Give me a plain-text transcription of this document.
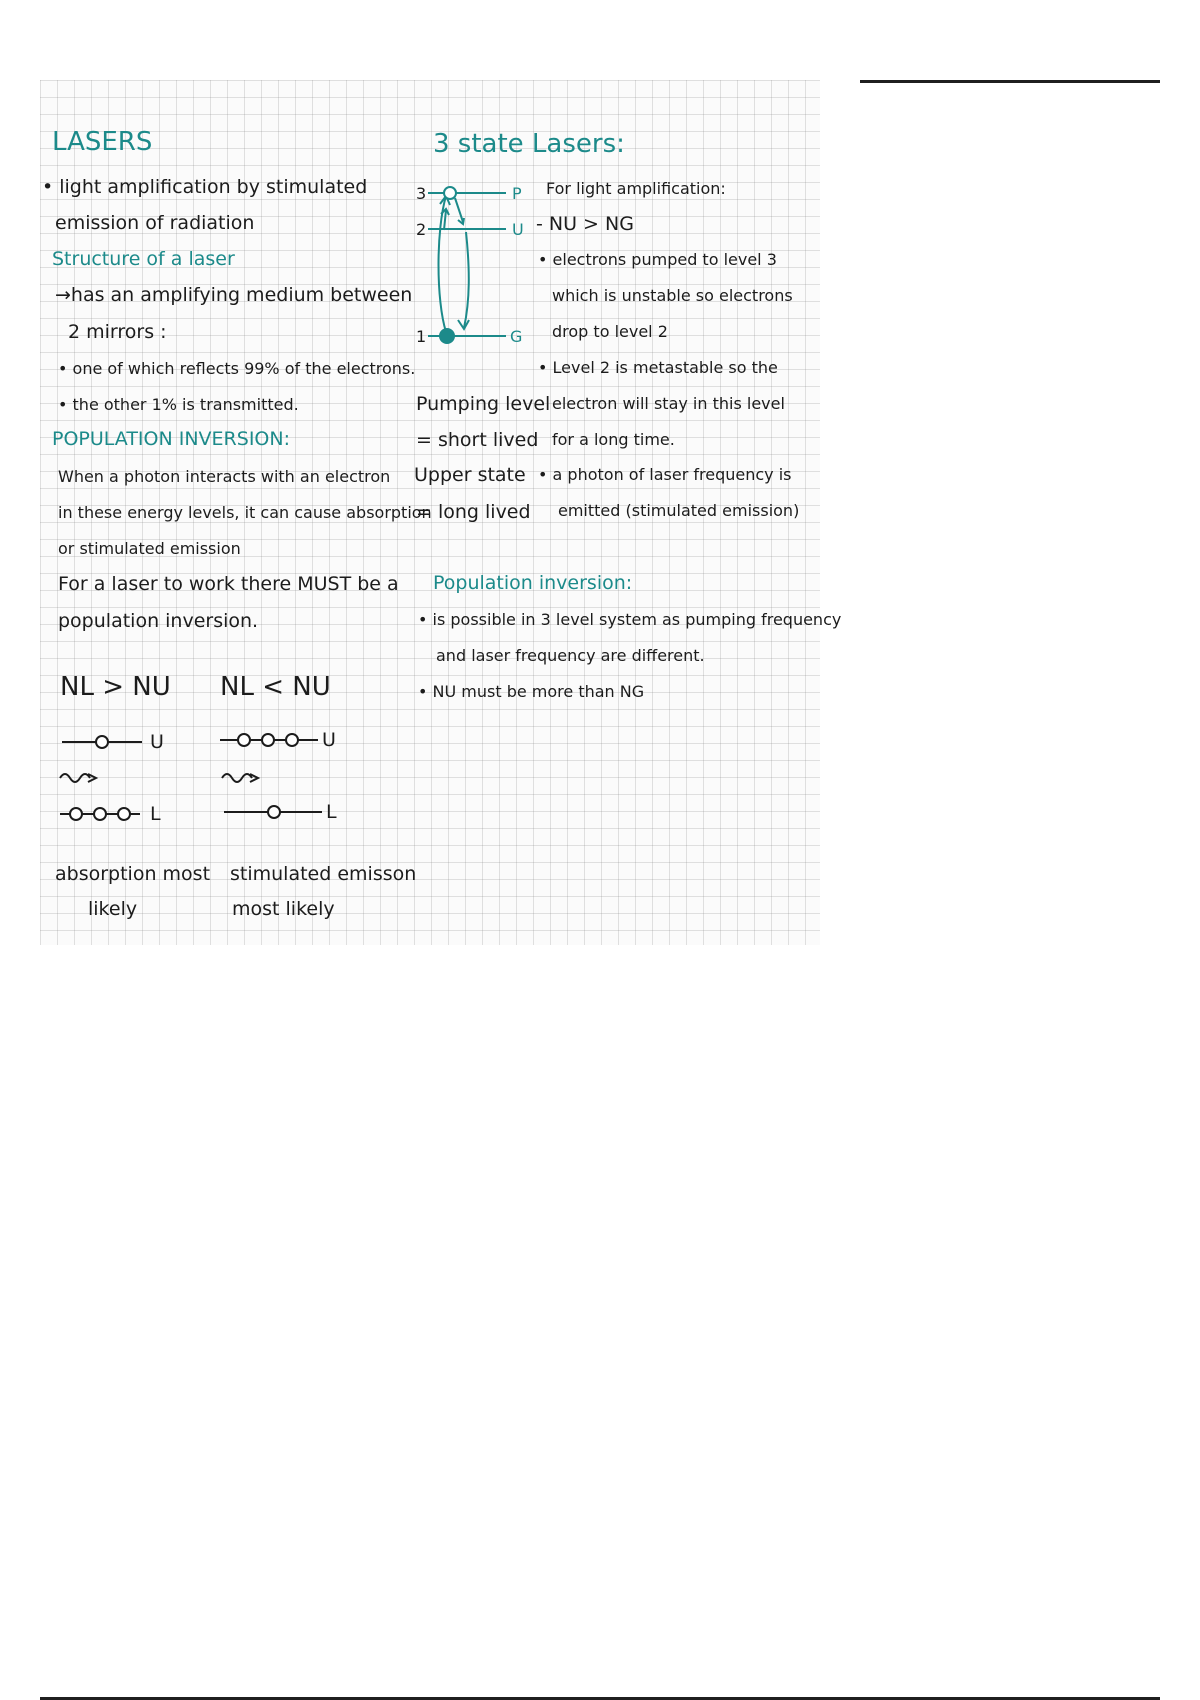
LASERS
• light amplification by stimulated
emission of radiation
Structure of a laser
→has an amplifying medium between
2 mirrors :
• one of which reflects 99% of the electrons.
• the other 1% is transmitted.
POPULATION INVERSION:
When a photon interacts with an electron
in these energy levels, it can cause absorption
or stimulated emission
For a laser to work there MUST be a
population inversion.
NL > NU NL < NU
U
L
U
L
absorption most
likely
stimulated emisson
most likely
3 state Lasers:
3
2
1
P
U
G
Pumping level
= short lived
Upper state
= long lived
For light amplification:
- NU > NG
• electrons pumped to level 3
which is unstable so electrons
drop to level 2
• Level 2 is metastable so the
electron will stay in this level
for a long time.
• a photon of laser frequency is
emitted (stimulated emission)
Population inversion:
• is possible in 3 level system as pumping frequency
and laser frequency are different.
• NU must be more than NG
